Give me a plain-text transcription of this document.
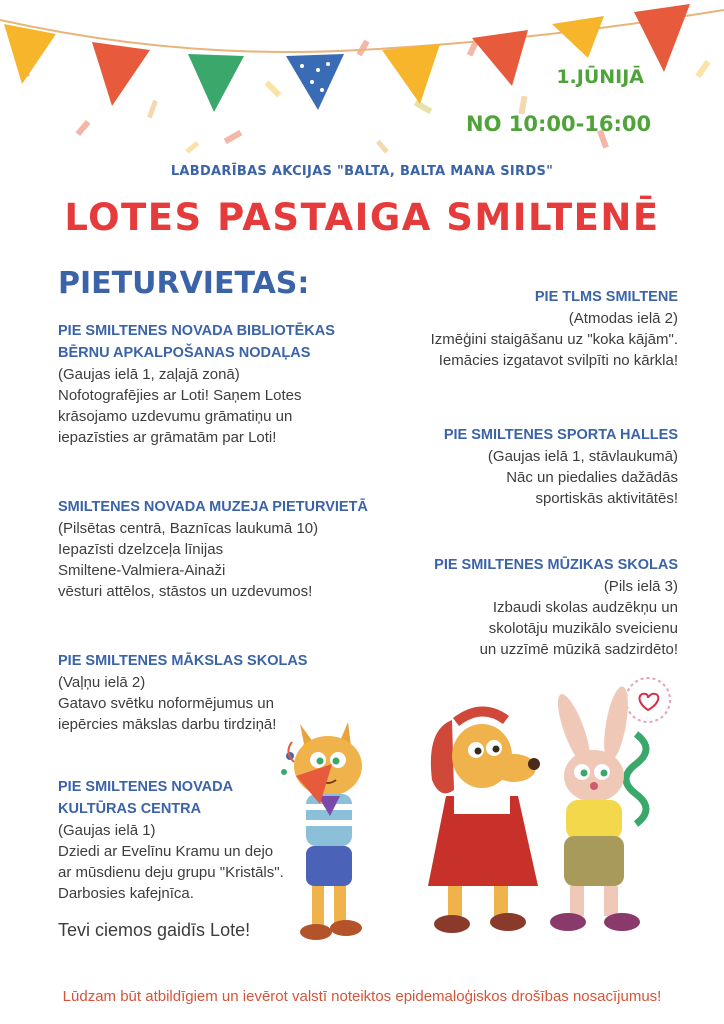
1.JŪNIJĀ
NO 10:00-16:00
LABDARĪBAS AKCIJAS "BALTA, BALTA MANA SIRDS"
LOTES PASTAIGA SMILTENĒ
PIETURVIETAS:
PIE SMILTENES NOVADA BIBLIOTĒKAS
BĒRNU APKALPOŠANAS NODAĻAS
(Gaujas ielā 1, zaļajā zonā)
Nofotografējies ar Loti! Saņem Lotes
krāsojamo uzdevumu grāmatiņu un
iepazīsties ar grāmatām par Loti!
SMILTENES NOVADA MUZEJA PIETURVIETĀ
(Pilsētas centrā, Baznīcas laukumā 10)
Iepazīsti dzelzceļa līnijas
Smiltene-Valmiera-Ainaži
vēsturi attēlos, stāstos un uzdevumos!
PIE SMILTENES MĀKSLAS SKOLAS
(Vaļņu ielā 2)
Gatavo svētku noformējumus un
iepērcies mākslas darbu tirdziņā!
PIE SMILTENES NOVADA
KULTŪRAS CENTRA
(Gaujas ielā 1)
Dziedi ar Evelīnu Kramu un dejo
ar mūsdienu deju grupu "Kristāls".
Darbosies kafejnīca.
Tevi ciemos gaidīs Lote!
PIE TLMS SMILTENE
(Atmodas ielā 2)
Izmēģini staigāšanu uz "koka kājām".
Iemācies izgatavot svilpīti no kārkla!
PIE SMILTENES SPORTA HALLES
(Gaujas ielā 1, stāvlaukumā)
Nāc un piedalies dažādās
sportiskās aktivitātēs!
PIE SMILTENES MŪZIKAS SKOLAS
(Pils ielā 3)
Izbaudi skolas audzēkņu un
skolotāju muzikālo sveicienu
un uzzīmē mūzikā sadzirdēto!
Lūdzam būt atbildīgiem un ievērot valstī noteiktos epidemaloģiskos drošības nosacījumus!
